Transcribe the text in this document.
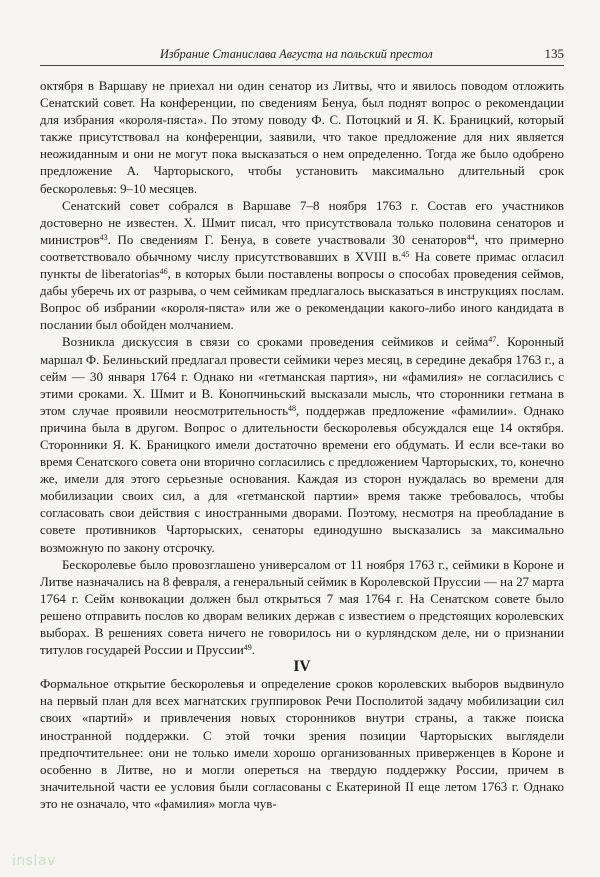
Избрание Станислава Августа на польский престол	135

октября в Варшаву не приехал ни один сенатор из Литвы, что и явилось поводом отложить Сенатский совет. На конференции, по сведениям Бенуа, был поднят вопрос о рекомендации для избрания «короля-пяста». По этому поводу Ф. С. Потоцкий и Я. К. Браницкий, который также присутствовал на конференции, заявили, что такое предложение для них является неожиданным и они не могут пока высказаться о нем определенно. Тогда же было одобрено предложение А. Чарторыского, чтобы установить максимально длительный срок бескоролевья: 9–10 месяцев.

Сенатский совет собрался в Варшаве 7–8 ноября 1763 г. Состав его участников достоверно не известен. Х. Шмит писал, что присутствовала только половина сенаторов и министров$^{43}$. По сведениям Г. Бенуа, в совете участвовали 30 сенаторов$^{44}$, что примерно соответствовало обычному числу присутствовавших в XVIII в.$^{45}$ На совете примас огласил пункты de liberatorias$^{46}$, в которых были поставлены вопросы о способах проведения сеймов, дабы уберечь их от разрыва, о чем сеймикам предлагалось высказаться в инструкциях послам. Вопрос об избрании «короля-пяста» или же о рекомендации какого-либо иного кандидата в послании был обойден молчанием.

Возникла дискуссия в связи со сроками проведения сеймиков и сейма$^{47}$. Коронный маршал Ф. Белиньский предлагал провести сеймики через месяц, в середине декабря 1763 г., а сейм — 30 января 1764 г. Однако ни «гетманская партия», ни «фамилия» не согласились с этими сроками. Х. Шмит и В. Конопчиньский высказали мысль, что сторонники гетмана в этом случае проявили неосмотрительность$^{48}$, поддержав предложение «фамилии». Однако причина была в другом. Вопрос о длительности бескоролевья обсуждался еще 14 октября. Сторонники Я. К. Браницкого имели достаточно времени его обдумать. И если все-таки во время Сенатского совета они вторично согласились с предложением Чарторыских, то, конечно же, имели для этого серьезные основания. Каждая из сторон нуждалась во времени для мобилизации своих сил, а для «гетманской партии» время также требовалось, чтобы согласовать свои действия с иностранными дворами. Поэтому, несмотря на преобладание в совете противников Чарторыских, сенаторы единодушно высказались за максимально возможную по закону отсрочку.

Бескоролевье было провозглашено универсалом от 11 ноября 1763 г., сеймики в Короне и Литве назначались на 8 февраля, а генеральный сеймик в Королевской Пруссии — на 27 марта 1764 г. Сейм конвокации должен был открыться 7 мая 1764 г. На Сенатском совете было решено отправить послов ко дворам великих держав с известием о предстоящих королевских выборах. В решениях совета ничего не говорилось ни о курляндском деле, ни о признании титулов государей России и Пруссии$^{49}$.

IV

Формальное открытие бескоролевья и определение сроков королевских выборов выдвинуло на первый план для всех магнатских группировок Речи Посполитой задачу мобилизации сил своих «партий» и привлечения новых сторонников внутри страны, а также поиска иностранной поддержки. С этой точки зрения позиции Чарторыских выглядели предпочтительнее: они не только имели хорошо организованных приверженцев в Короне и особенно в Литве, но и могли опереться на твердую поддержку России, причем в значительной части ее условия были согласованы с Екатериной II еще летом 1763 г. Однако это не означало, что «фамилия» могла чув-

inslav
